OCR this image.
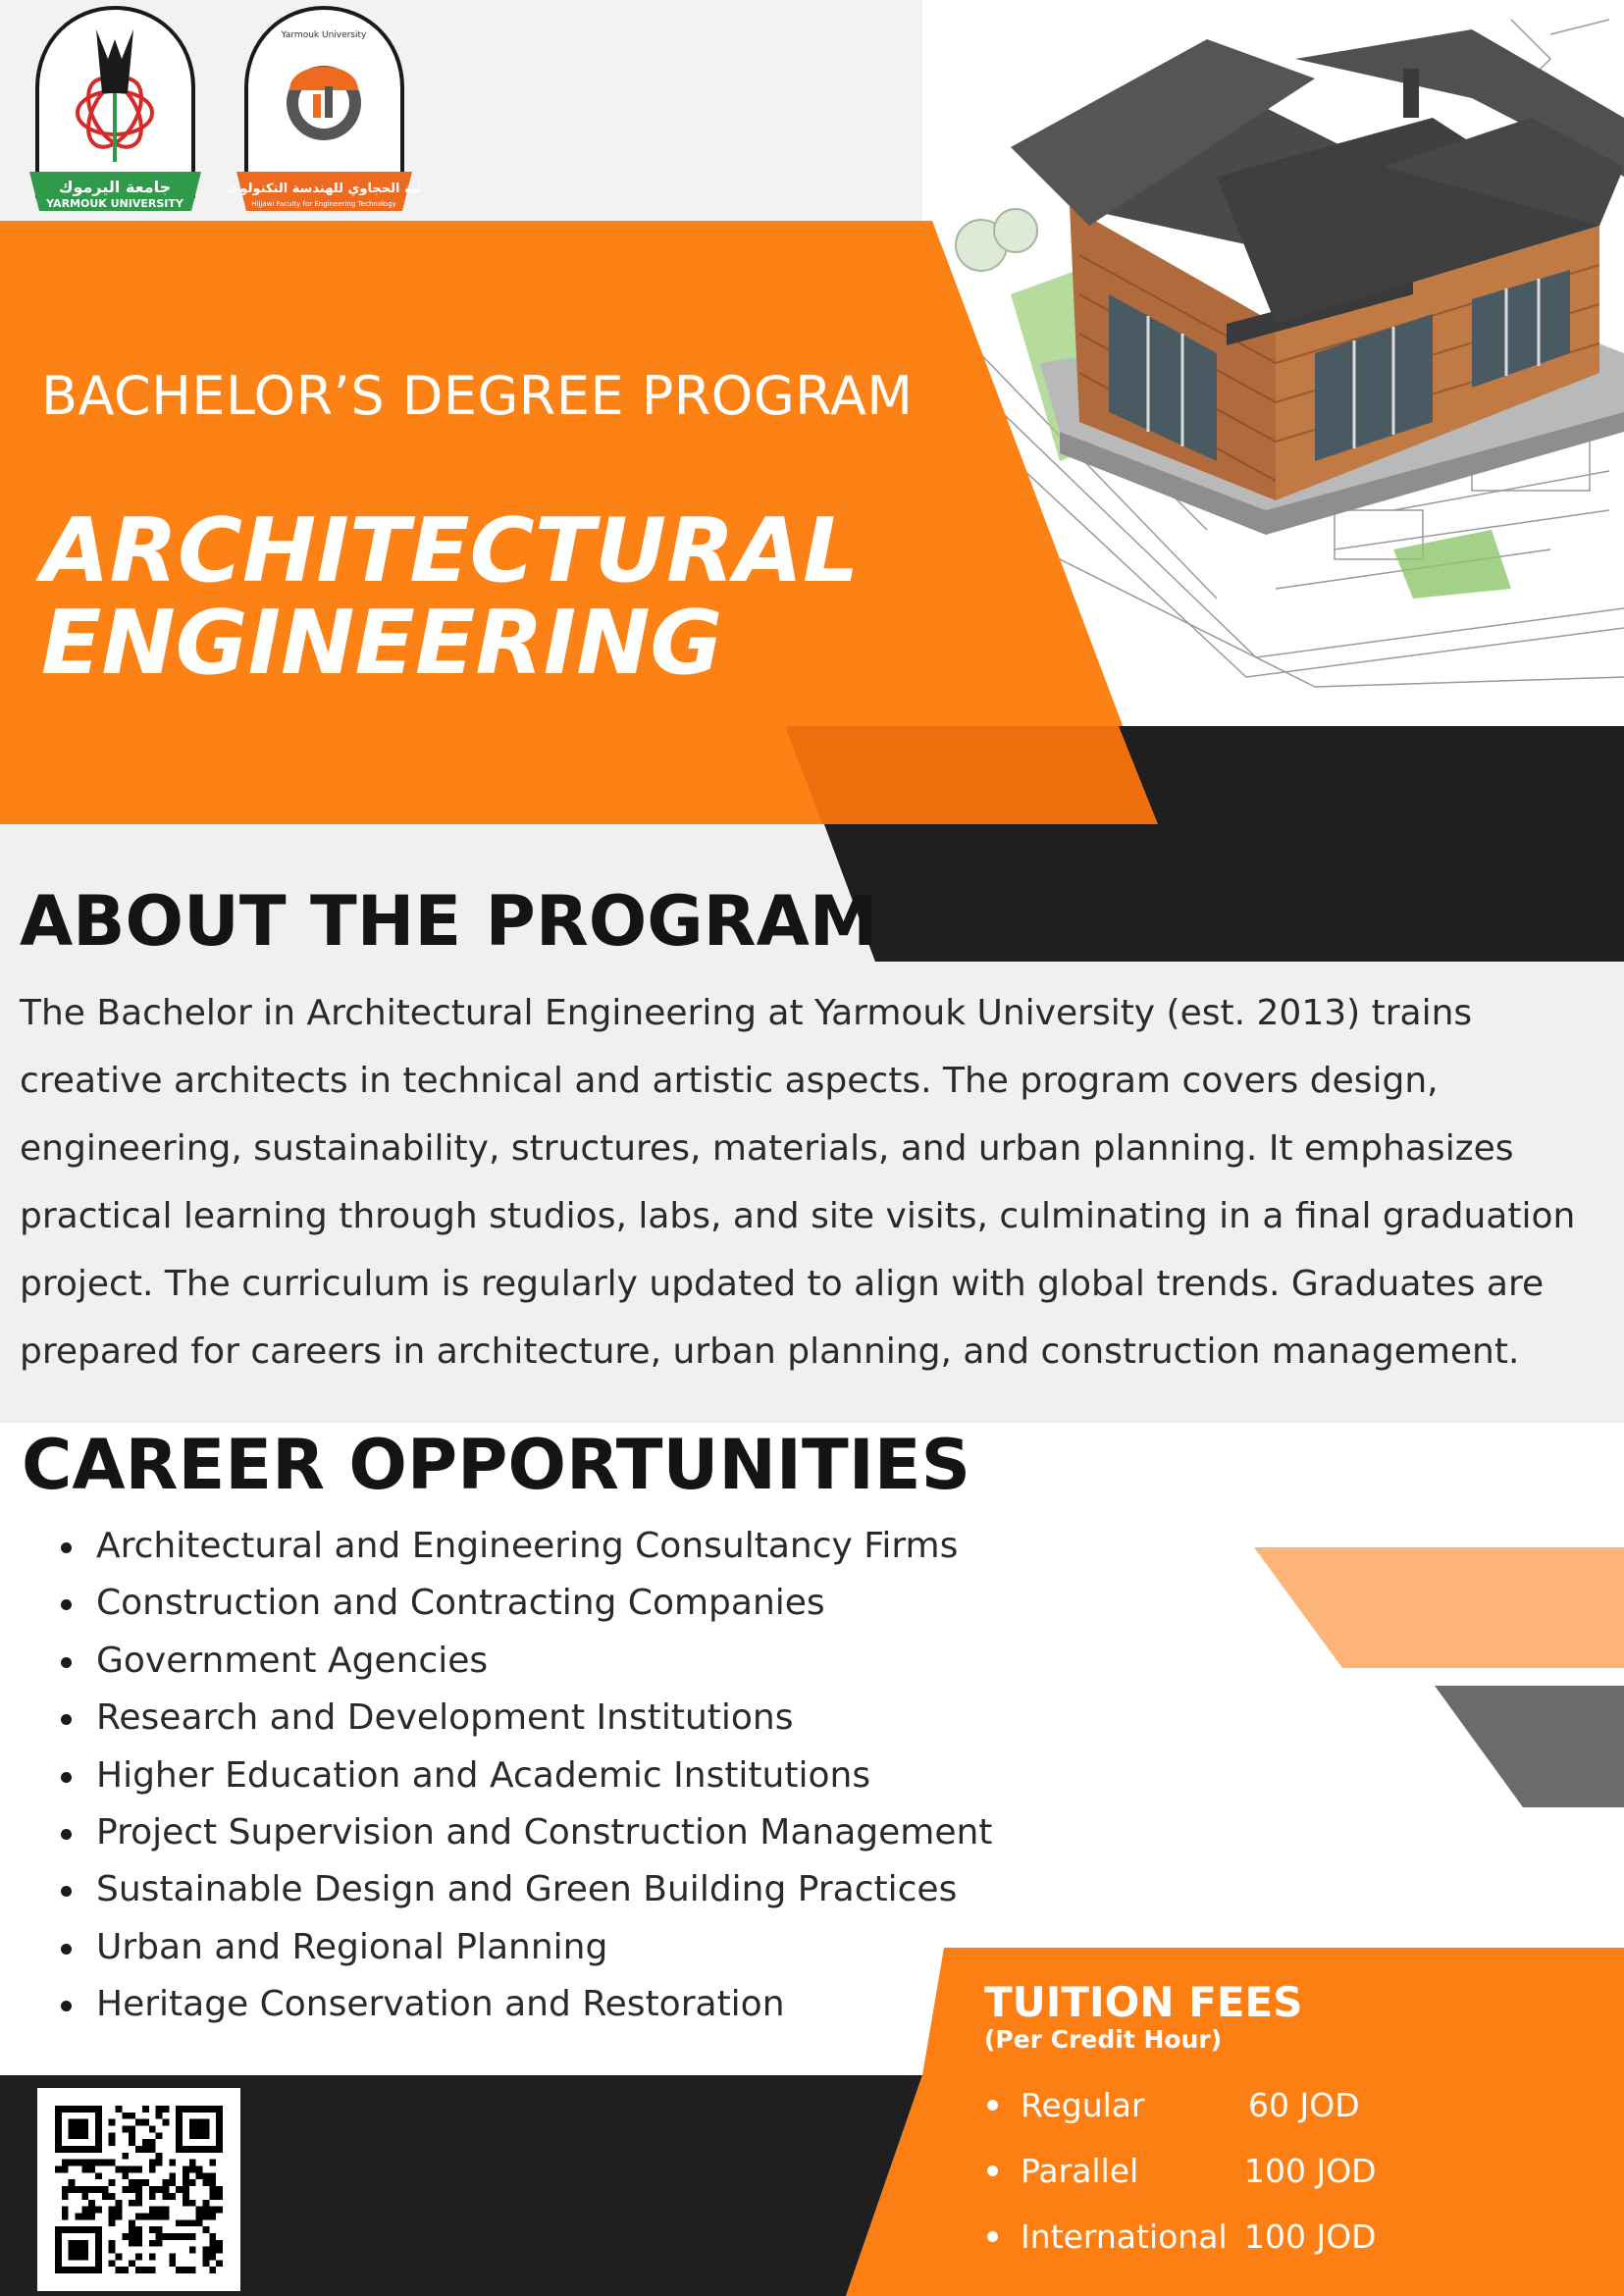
جامعة اليرموك
YARMOUK UNIVERSITY
كلية الحجاوي للهندسة التكنولوجية
Hijjawi Faculty for Engineering Technology
Yarmouk University
BACHELOR’S DEGREE PROGRAM
ARCHITECTURAL
ENGINEERING
ABOUT THE PROGRAM
The Bachelor in Architectural Engineering at Yarmouk University (est. 2013) trains creative architects in technical and artistic aspects. The program covers design, engineering, sustainability, structures, materials, and urban planning. It emphasizes practical learning through studios, labs, and site visits, culminating in a final graduation project. The curriculum is regularly updated to align with global trends. Graduates are prepared for careers in architecture, urban planning, and construction management.
CAREER OPPORTUNITIES
Architectural and Engineering Consultancy Firms
Construction and Contracting Companies
Government Agencies
Research and Development Institutions
Higher Education and Academic Institutions
Project Supervision and Construction Management
Sustainable Design and Green Building Practices
Urban and Regional Planning
Heritage Conservation and Restoration	TUITION FEES
(Per Credit Hour)
Regular	60 JOD
Parallel	100 JOD
International 100 JOD
